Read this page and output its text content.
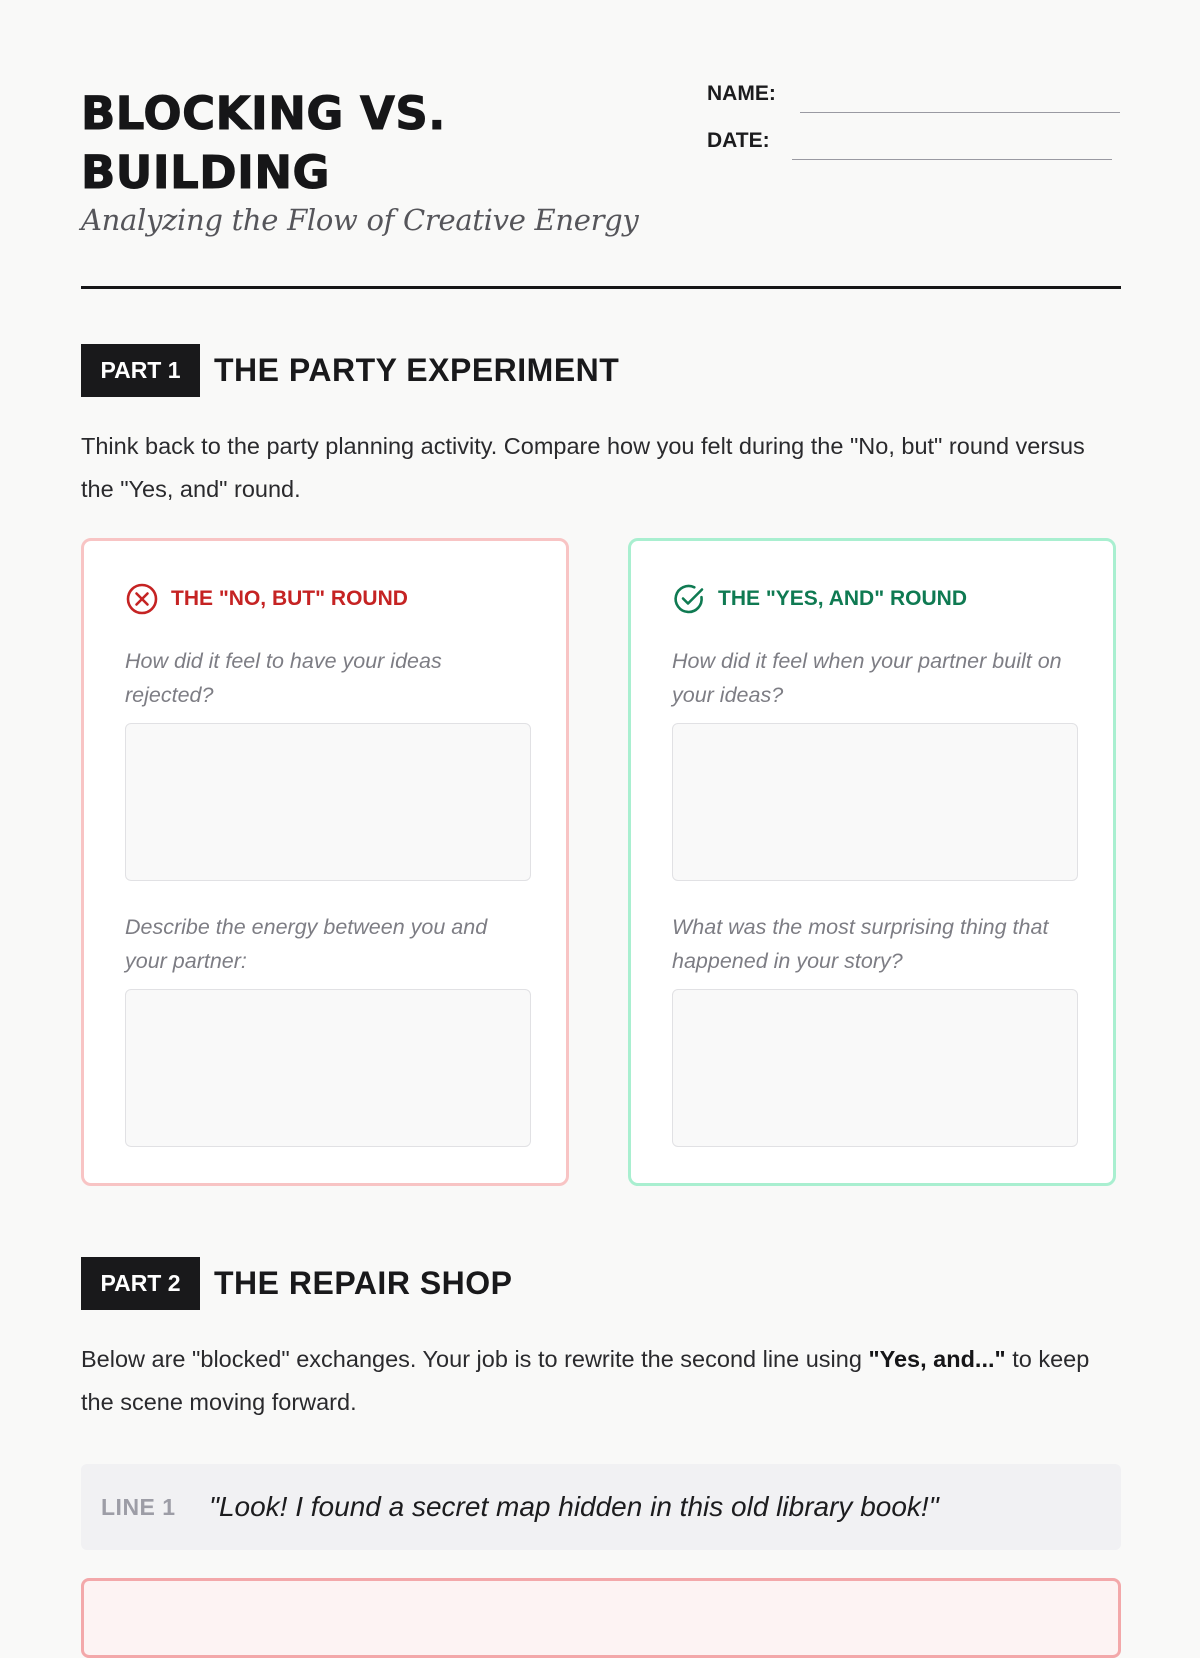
BLOCKING VS.
BUILDING
Analyzing the Flow of Creative Energy
NAME:
DATE:
PART 1	THE PARTY EXPERIMENT

Think back to the party planning activity. Compare how you felt during the "No, but" round versus the "Yes, and" round.

THE "NO, BUT" ROUND

How did it feel to have your ideas rejected?

Describe the energy between you and your partner:

THE "YES, AND" ROUND

How did it feel when your partner built on your ideas?

What was the most surprising thing that happened in your story?

PART 2	THE REPAIR SHOP

Below are "blocked" exchanges. Your job is to rewrite the second line using "Yes, and..." to keep the scene moving forward.

LINE 1 "Look! I found a secret map hidden in this old library book!"
